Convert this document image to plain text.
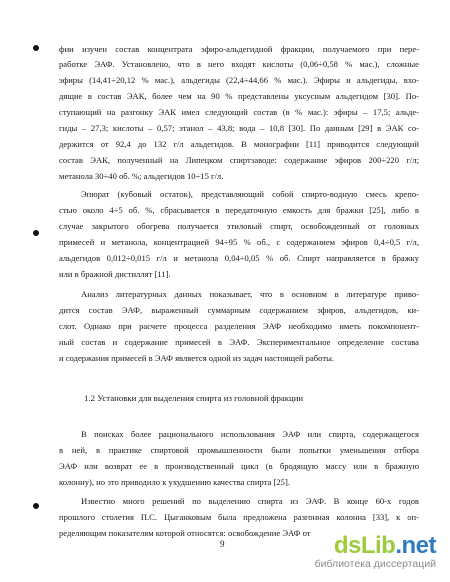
фии изучен состав концентрата эфиро-альдегидной фракции, получаемого при пере-
работке ЭАФ. Установлено, что в него входят кислоты (0,06÷0,58 % мас.), сложные
эфиры (14,41÷20,12 % мас.), альдегиды (22,4÷44,66 % мас.). Эфиры и альдегиды, вхо-
дящие в состав ЭАК, более чем на 90 % представлены уксусным альдегидом [30]. По-
ступающий на разгонку ЭАК имел следующий состав (в % мас.): эфиры – 17,5; альде-
гиды – 27,3; кислоты – 0,57; этанол – 43,8; вода – 10,8 [30]. По данным [29] в ЭАК со-
держится от 92,4 до 132 г/л альдегидов. В монографии [11] приводится следующий
состав ЭАК, полученный на Липецком спиртзаводе: содержание эфиров 200÷220 г/л;
метанола 30÷40 об. %; альдегидов 10÷15 г/л.
Эпюрат (кубовый остаток), представляющий собой спирто-водную смесь крепо-
стью около 4÷5 об. %, сбрасывается в передаточную емкость для бражки [25], либо в
случае закрытого обогрева получается этиловый спирт, освобожденный от головных
примесей и метанола, концентрацией 94÷95 % об., с содержанием эфиров 0,4÷0,5 г/л,
альдегидов 0,012÷0,015 г/л и метанола 0,04÷0,05 % об. Спирт направляется в бражку
или в бражной дистиллят [11].
Анализ литературных данных показывает, что в основном в литературе приво-
дится состав ЭАФ, выраженный суммарным содержанием эфиров, альдегидов, ки-
слот. Однако при расчете процесса разделения ЭАФ необходимо иметь покомпонент-
ный состав и содержание примесей в ЭАФ. Экспериментальное определение состава
и содержания примесей в ЭАФ является одной из задач настоящей работы.
1.2 Установки для выделения спирта из головной фракции
В поисках более рационального использования ЭАФ или спирта, содержащегося
в ней, в практике спиртовой промышленности были попытки уменьшения отбора
ЭАФ или возврат ее в производственный цикл (в бродящую массу или в бражную
колонну), но это приводило к ухудшению качества спирта [25].
Известно много решений по выделению спирта из ЭАФ. В конце 60-х годов
прошлого столетия П.С. Цыганковым была предложена разгонная колонна [33], к оп-
ределяющим показателям которой относятся: освобождение ЭАФ от
9	dsLib.net
библиотека диссертаций
